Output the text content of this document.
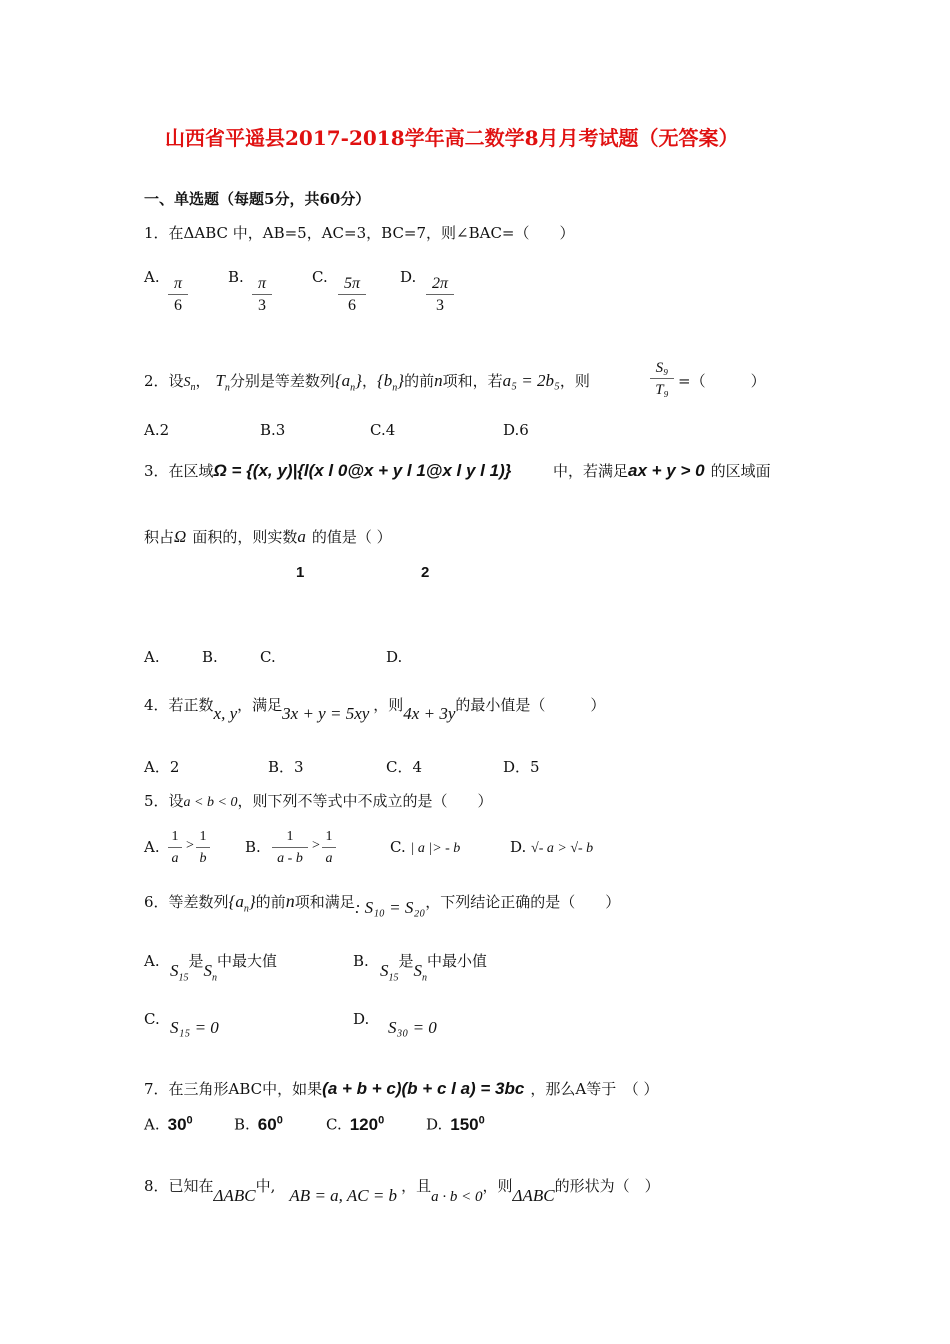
山西省平遥县2017-2018学年高二数学8月月考试题（无答案）
一、单选题（每题5分，共60分）
1．在ΔABC 中，AB=5，AC=3，BC=7，则∠BAC=（　　）
A. $\frac{\pi}{6}$	B. $\frac{\pi}{3}$	C. $\frac{5\pi}{6} D$. $\frac{2\pi}{3}$
2．设$S_n$， $T_n$分别是等差数列$\{a_n\}$，$\{b_n\}$的前n项和，若a₅ = 2b₅，则	$\frac{\text{S₉}}{\text{T₉}}$ =（　　　）
A.2	B.3	C.4	D.6
3．在区域Ω = {(x, y)|{l(x l 0@x + y l 1@x l y l 1)}	中，若满足ax + y > 0 的区域面
积占Ω 面积的，则实数a 的值是（ ）
1	2
A.	B.	C.	D.
4．若正数x, y，满足3x + y = 5xy ，则4x + 3y的最小值是（　　　）
A．2	B．3	C．4	D．5
5．设a < b < 0，则下列不等式中不成立的是（　　）
A. $\frac{1}{a} > \frac{1}{b} B$. $\frac{1}{a - b} > \frac{1}{a}$	C. | a |> - b	D. √- a > √- b
6．等差数列$\{a_n\}$的前n项和满足: S₁₀ = S₂₀，下列结论正确的是（　　）
A. $S_{15}$是$S_n$中最大值	B. $S_{15}$是$S_n$中最小值
C. S₁₅ = 0	D. S₃₀ = 0
7．在三角形ABC中，如果(a + b + c)(b + c l a) = 3bc ，那么A等于　（ ）
A. $30^0$	B. $60^0$	C. $120^0$	D. $150^0$
8．已知在ΔABC中, AB = a, AC = b ，且a · b < 0，则ΔABC的形状为（　）
